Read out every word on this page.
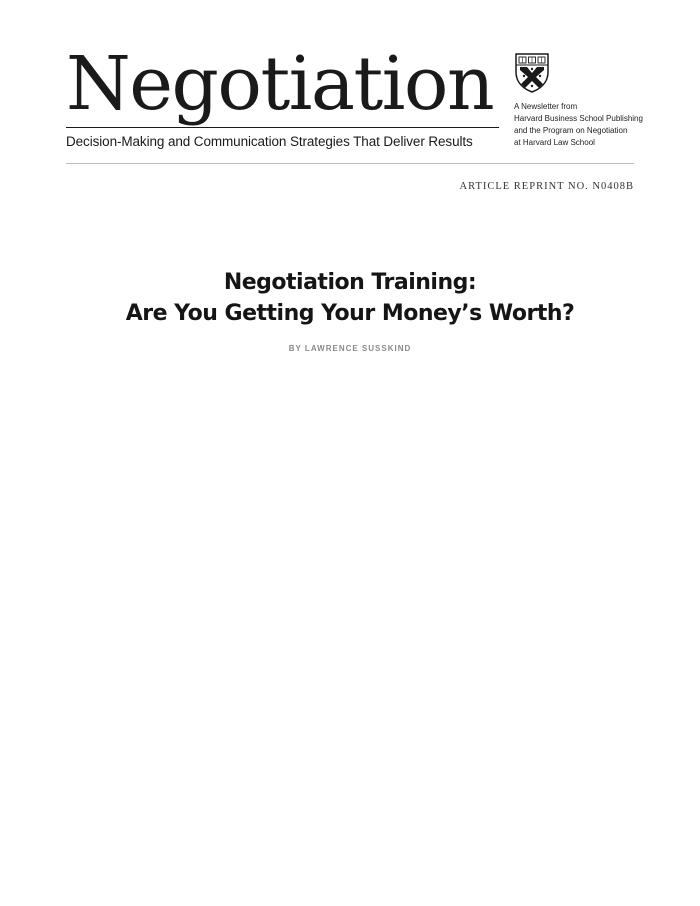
Negotiation
Decision-Making and Communication Strategies That Deliver Results
A Newsletter from
Harvard Business School Publishing
and the Program on Negotiation
at Harvard Law School
ARTICLE REPRINT NO. N0408B
Negotiation Training:
Are You Getting Your Money’s Worth?
BY LAWRENCE SUSSKIND
